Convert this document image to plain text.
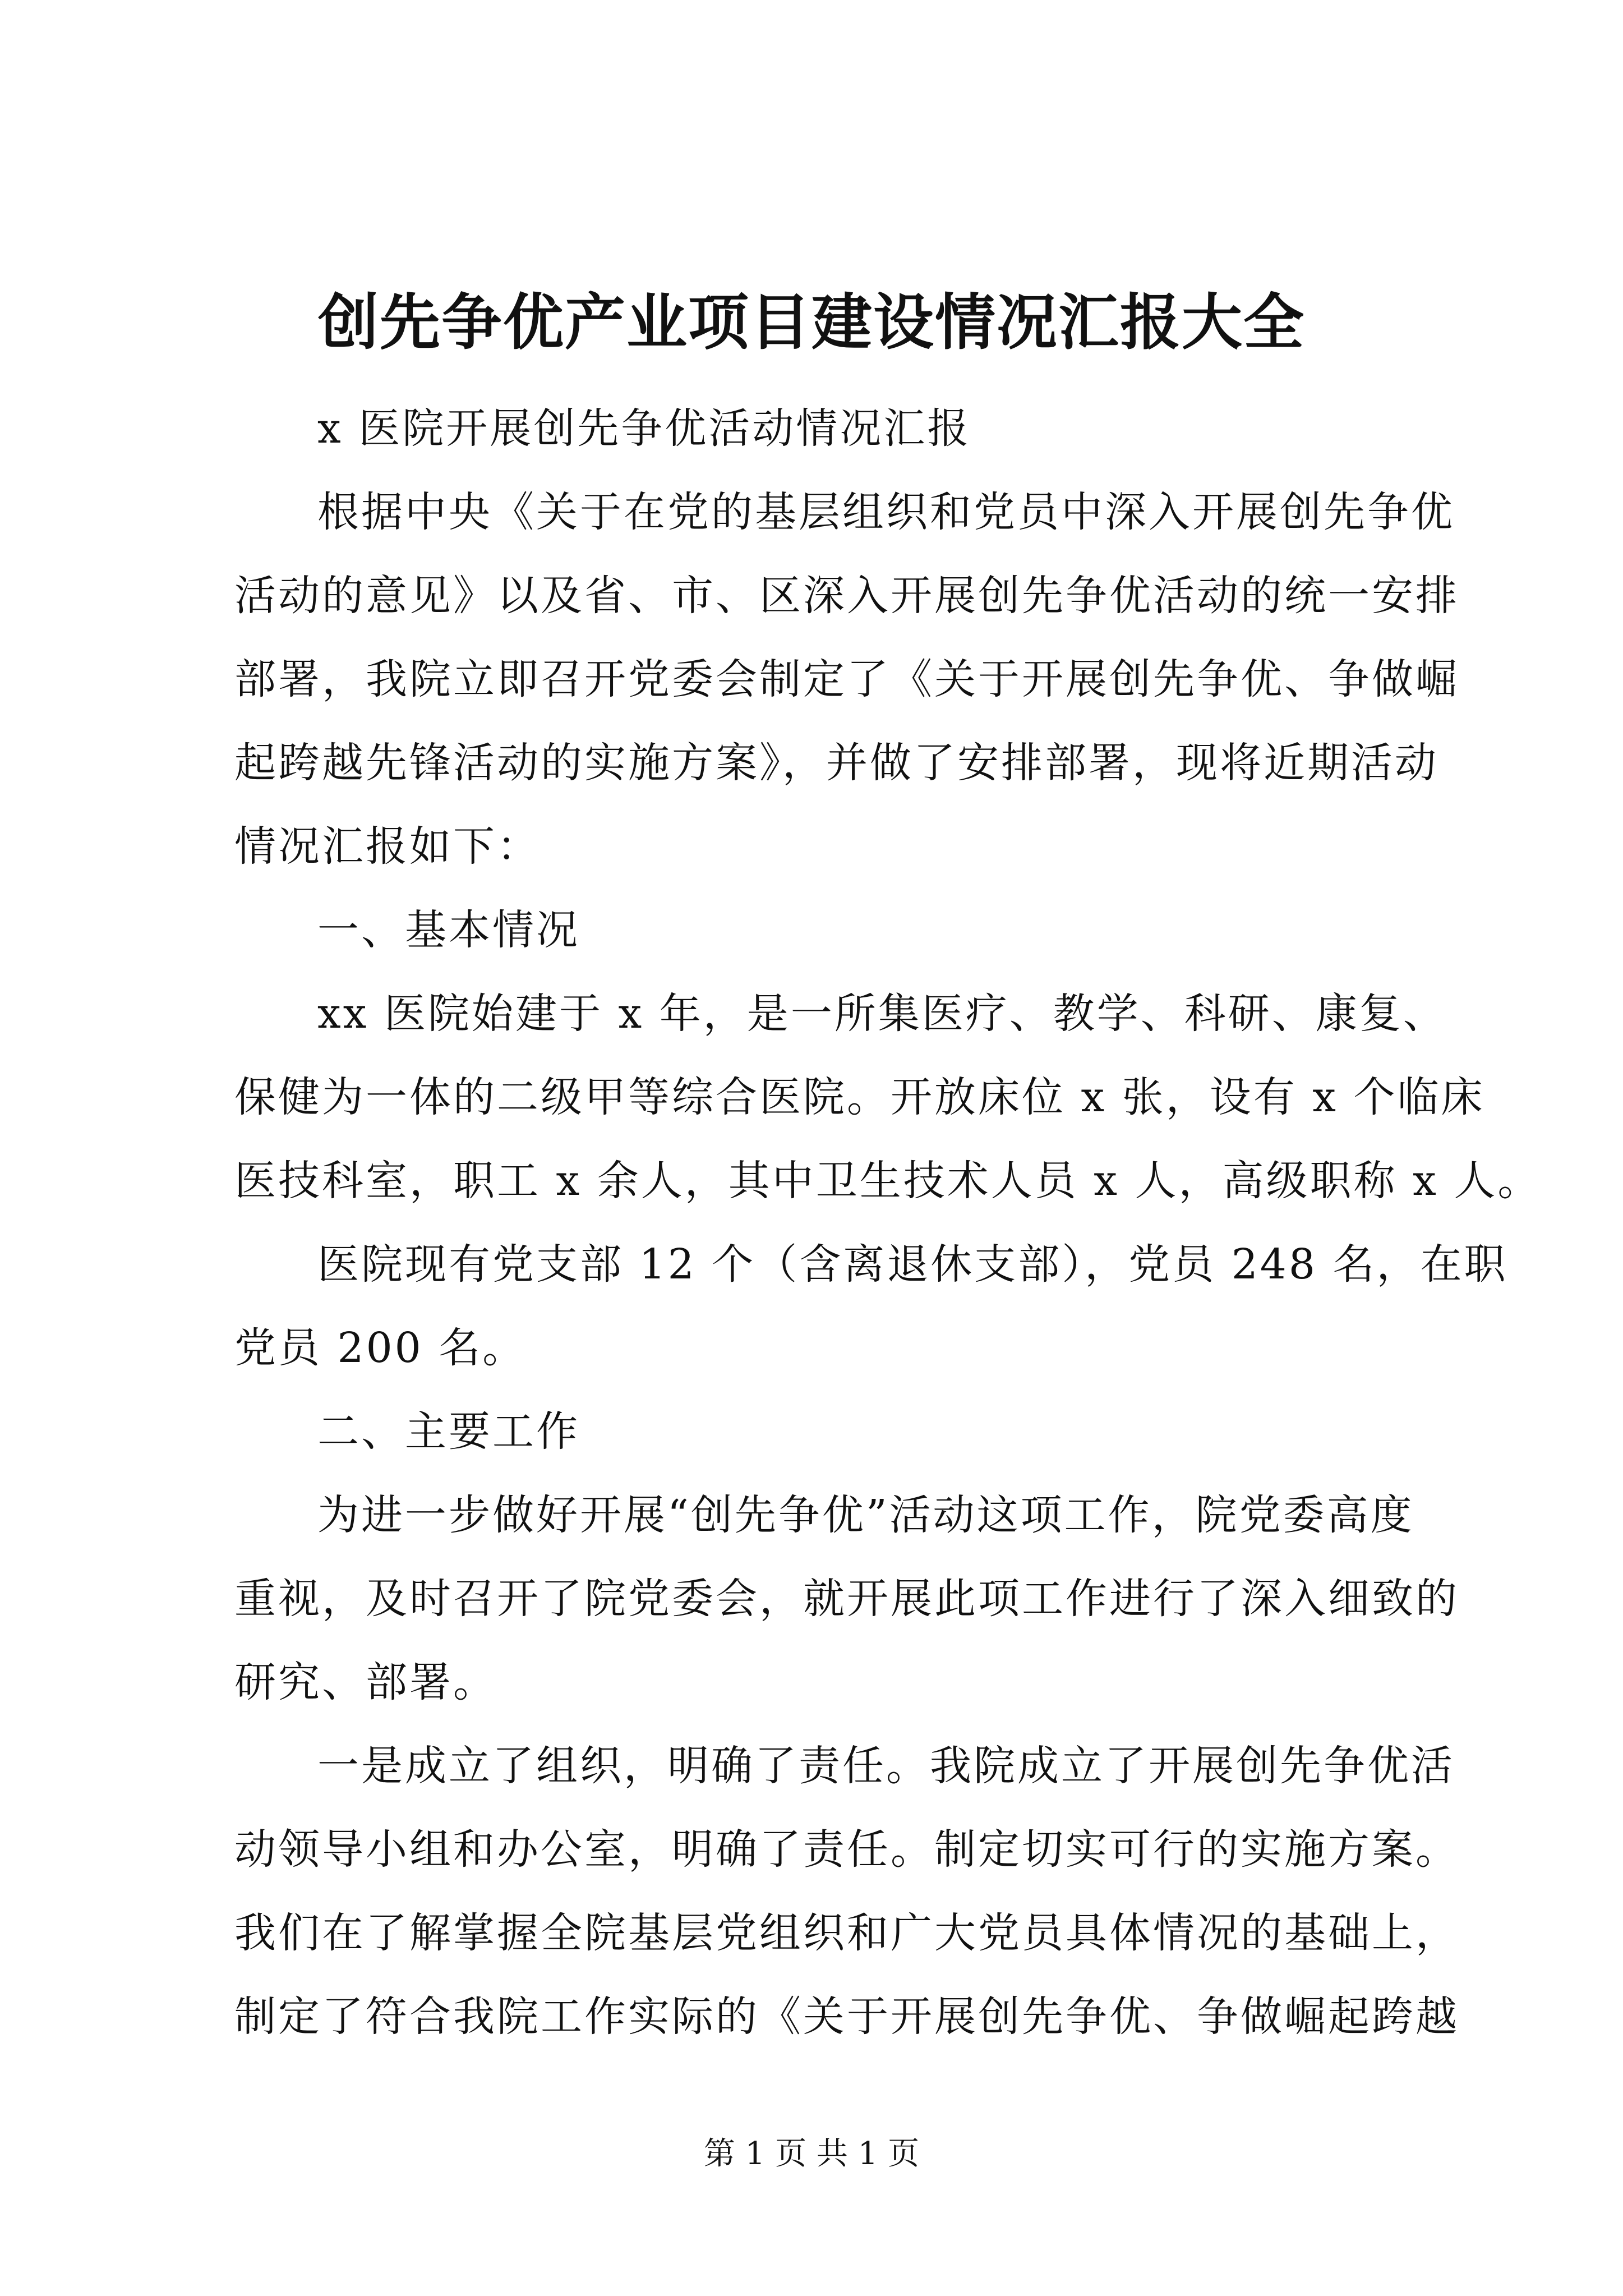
创先争优产业项目建设情况汇报大全
x 医院开展创先争优活动情况汇报
根据中央《关于在党的基层组织和党员中深入开展创先争优
活动的意见》以及省、市、区深入开展创先争优活动的统一安排
部署，我院立即召开党委会制定了《关于开展创先争优、争做崛
起跨越先锋活动的实施方案》，并做了安排部署，现将近期活动
情况汇报如下：
一、基本情况
xx 医院始建于 x 年，是一所集医疗、教学、科研、康复、
保健为一体的二级甲等综合医院。开放床位 x 张，设有 x 个临床
医技科室，职工 x 余人，其中卫生技术人员 x 人，高级职称 x 人。
医院现有党支部 12 个（含离退休支部），党员 248 名，在职
党员 200 名。
二、主要工作
为进一步做好开展“创先争优”活动这项工作，院党委高度
重视，及时召开了院党委会，就开展此项工作进行了深入细致的
研究、部署。
一是成立了组织，明确了责任。我院成立了开展创先争优活
动领导小组和办公室，明确了责任。制定切实可行的实施方案。
我们在了解掌握全院基层党组织和广大党员具体情况的基础上，
制定了符合我院工作实际的《关于开展创先争优、争做崛起跨越
第 1 页 共 1 页
